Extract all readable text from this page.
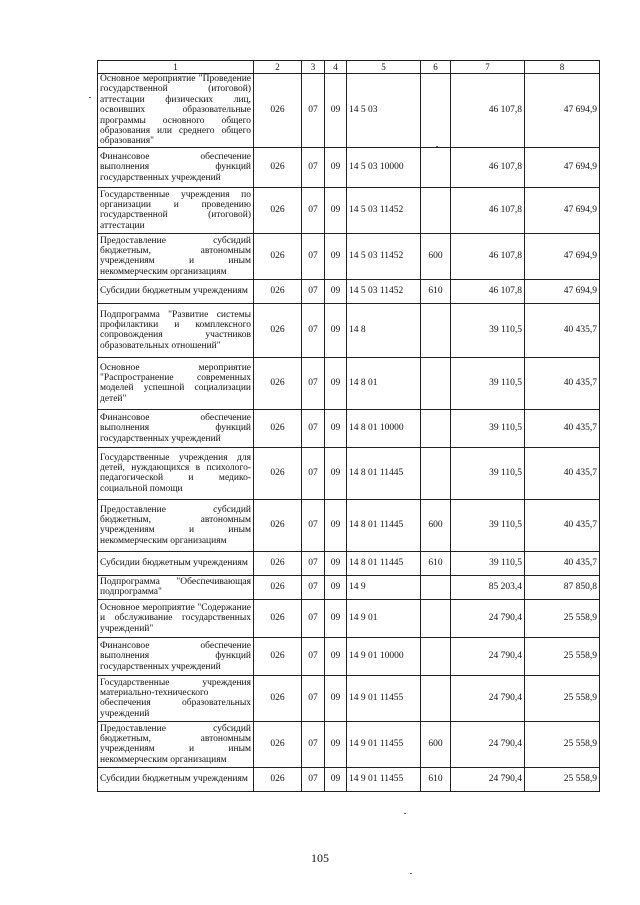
1	2	3	4	5	6	7	8
Основное мероприятие "Проведение государственной (итоговой) аттестации физических лиц, освоивших образовательные программы основного общего образования или среднего общего образования"	026	07	09	14 5 03		46 107,8	47 694,9
Финансовое обеспечение выполнения функций государственных учреждений	026	07	09	14 5 03 10000		46 107,8	47 694,9
Государственные учреждения по организации и проведению государственной (итоговой) аттестации	026	07	09	14 5 03 11452		46 107,8	47 694,9
Предоставление субсидий бюджетным, автономным учреждениям и иным некоммерческим организациям	026	07	09	14 5 03 11452	600	46 107,8	47 694,9
Субсидии бюджетным учреждениям	026	07	09	14 5 03 11452	610	46 107,8	47 694,9
Подпрограмма "Развитие системы профилактики и комплексного сопровождения участников образовательных отношений"	026	07	09	14 8		39 110,5	40 435,7
Основное мероприятие "Распространение современных моделей успешной социализации детей"	026	07	09	14 8 01		39 110,5	40 435,7
Финансовое обеспечение выполнения функций государственных учреждений	026	07	09	14 8 01 10000		39 110,5	40 435,7
Государственные учреждения для детей, нуждающихся в психолого-педагогической и медико-социальной помощи	026	07	09	14 8 01 11445		39 110,5	40 435,7
Предоставление субсидий бюджетным, автономным учреждениям и иным некоммерческим организациям	026	07	09	14 8 01 11445	600	39 110,5	40 435,7
Субсидии бюджетным учреждениям	026	07	09	14 8 01 11445	610	39 110,5	40 435,7
Подпрограмма "Обеспечивающая подпрограмма"	026	07	09	14 9		85 203,4	87 850,8
Основное мероприятие "Содержание и обслуживание государственных учреждений"	026	07	09	14 9 01		24 790,4	25 558,9
Финансовое обеспечение выполнения функций государственных учреждений	026	07	09	14 9 01 10000		24 790,4	25 558,9
Государственные учреждения материально-технического обеспечения образовательных учреждений	026	07	09	14 9 01 11455		24 790,4	25 558,9
Предоставление субсидий бюджетным, автономным учреждениям и иным некоммерческим организациям	026	07	09	14 9 01 11455	600	24 790,4	25 558,9
Субсидии бюджетным учреждениям	026	07	09	14 9 01 11455	610	24 790,4	25 558,9
105
